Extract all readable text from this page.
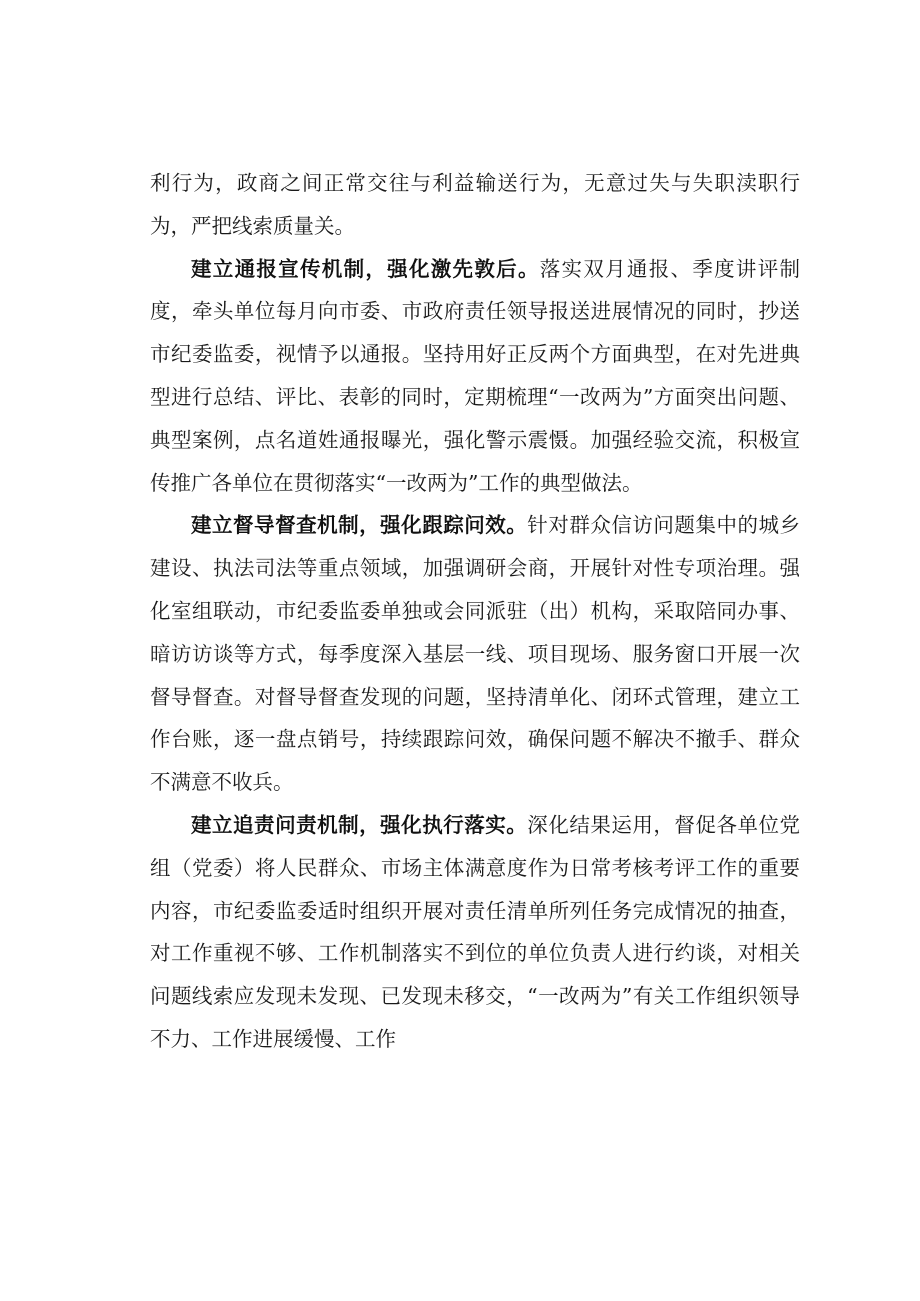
利行为，政商之间正常交往与利益输送行为，无意过失与失职渎职行为，严把线索质量关。

建立通报宣传机制，强化激先敦后。落实双月通报、季度讲评制度，牵头单位每月向市委、市政府责任领导报送进展情况的同时，抄送市纪委监委，视情予以通报。坚持用好正反两个方面典型，在对先进典型进行总结、评比、表彰的同时，定期梳理“一改两为”方面突出问题、典型案例，点名道姓通报曝光，强化警示震慑。加强经验交流，积极宣传推广各单位在贯彻落实“一改两为”工作的典型做法。

建立督导督查机制，强化跟踪问效。针对群众信访问题集中的城乡建设、执法司法等重点领域，加强调研会商，开展针对性专项治理。强化室组联动，市纪委监委单独或会同派驻（出）机构，采取陪同办事、暗访访谈等方式，每季度深入基层一线、项目现场、服务窗口开展一次督导督查。对督导督查发现的问题，坚持清单化、闭环式管理，建立工作台账，逐一盘点销号，持续跟踪问效，确保问题不解决不撤手、群众不满意不收兵。

建立追责问责机制，强化执行落实。深化结果运用，督促各单位党组（党委）将人民群众、市场主体满意度作为日常考核考评工作的重要内容，市纪委监委适时组织开展对责任清单所列任务完成情况的抽查，对工作重视不够、工作机制落实不到位的单位负责人进行约谈，对相关问题线索应发现未发现、已发现未移交，“一改两为”有关工作组织领导不力、工作进展缓慢、工作
